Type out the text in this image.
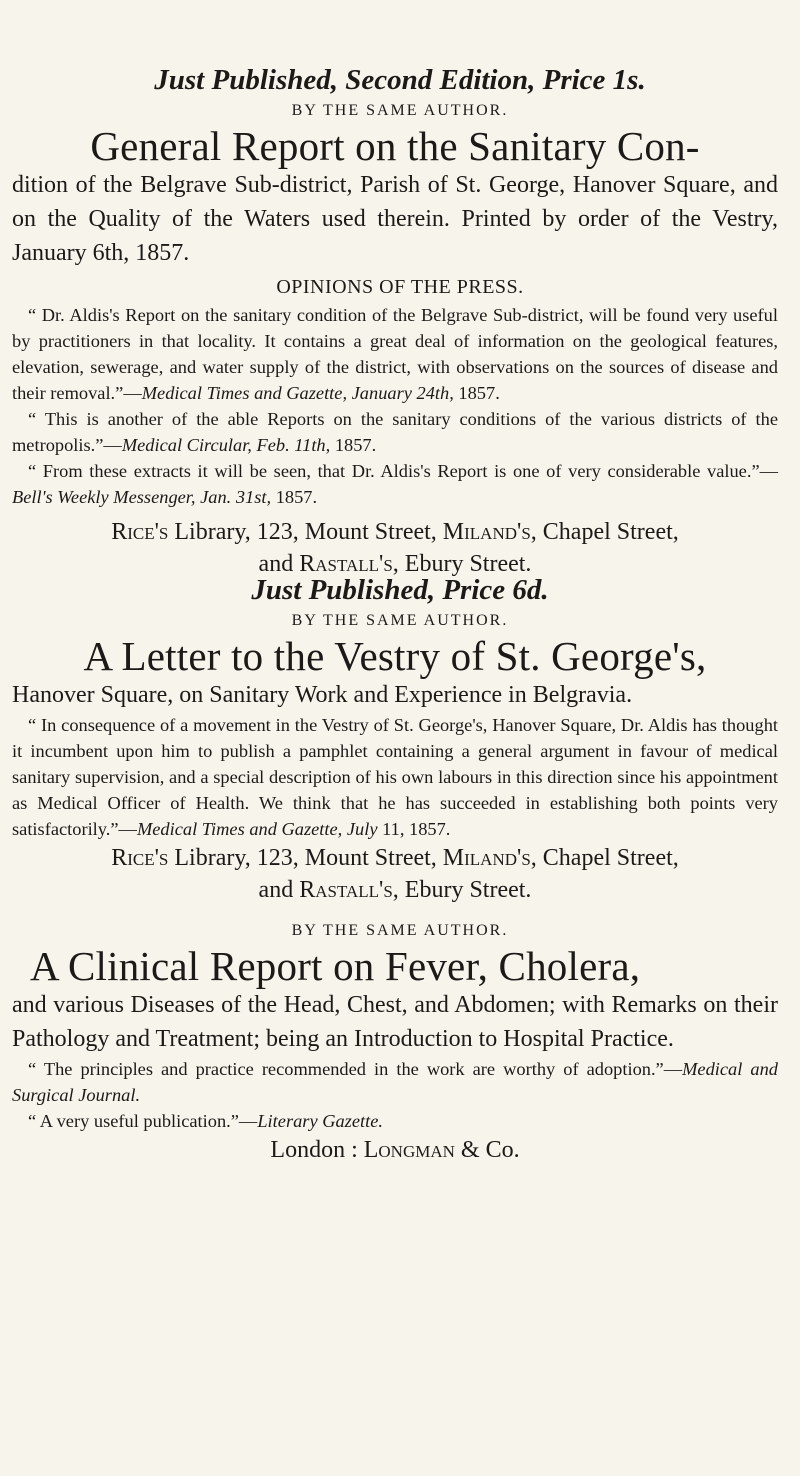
Just Published, Second Edition, Price 1s.

BY THE SAME AUTHOR.

General Report on the Sanitary Con-
dition of the Belgrave Sub-district, Parish of St. George, Hanover Square, and on the Quality of the Waters used therein. Printed by order of the Vestry, January 6th, 1857.

OPINIONS OF THE PRESS.

“ Dr. Aldis's Report on the sanitary condition of the Belgrave Sub-district, will be found very useful by practitioners in that locality. It contains a great deal of information on the geological features, elevation, sewerage, and water supply of the district, with observations on the sources of disease and their removal.”—Medical Times and Gazette, January 24th, 1857.

“ This is another of the able Reports on the sanitary conditions of the various districts of the metropolis.”—Medical Circular, Feb. 11th, 1857.

“ From these extracts it will be seen, that Dr. Aldis's Report is one of very considerable value.”—Bell's Weekly Messenger, Jan. 31st, 1857.

Rice's Library, 123, Mount Street, Miland's, Chapel Street,
and Rastall's, Ebury Street.

Just Published, Price 6d.

BY THE SAME AUTHOR.

A Letter to the Vestry of St. George's,
Hanover Square, on Sanitary Work and Experience in Belgravia.

“ In consequence of a movement in the Vestry of St. George's, Hanover Square, Dr. Aldis has thought it incumbent upon him to publish a pamphlet containing a general argument in favour of medical sanitary supervision, and a special description of his own labours in this direction since his appointment as Medical Officer of Health. We think that he has succeeded in establishing both points very satisfactorily.”—Medical Times and Gazette, July 11, 1857.

Rice's Library, 123, Mount Street, Miland's, Chapel Street,
and Rastall's, Ebury Street.

BY THE SAME AUTHOR.

A Clinical Report on Fever, Cholera,
and various Diseases of the Head, Chest, and Abdomen; with Remarks on their Pathology and Treatment; being an Introduction to Hospital Practice.

“ The principles and practice recommended in the work are worthy of adoption.”—Medical and Surgical Journal.

“ A very useful publication.”—Literary Gazette.

London : Longman & Co.
